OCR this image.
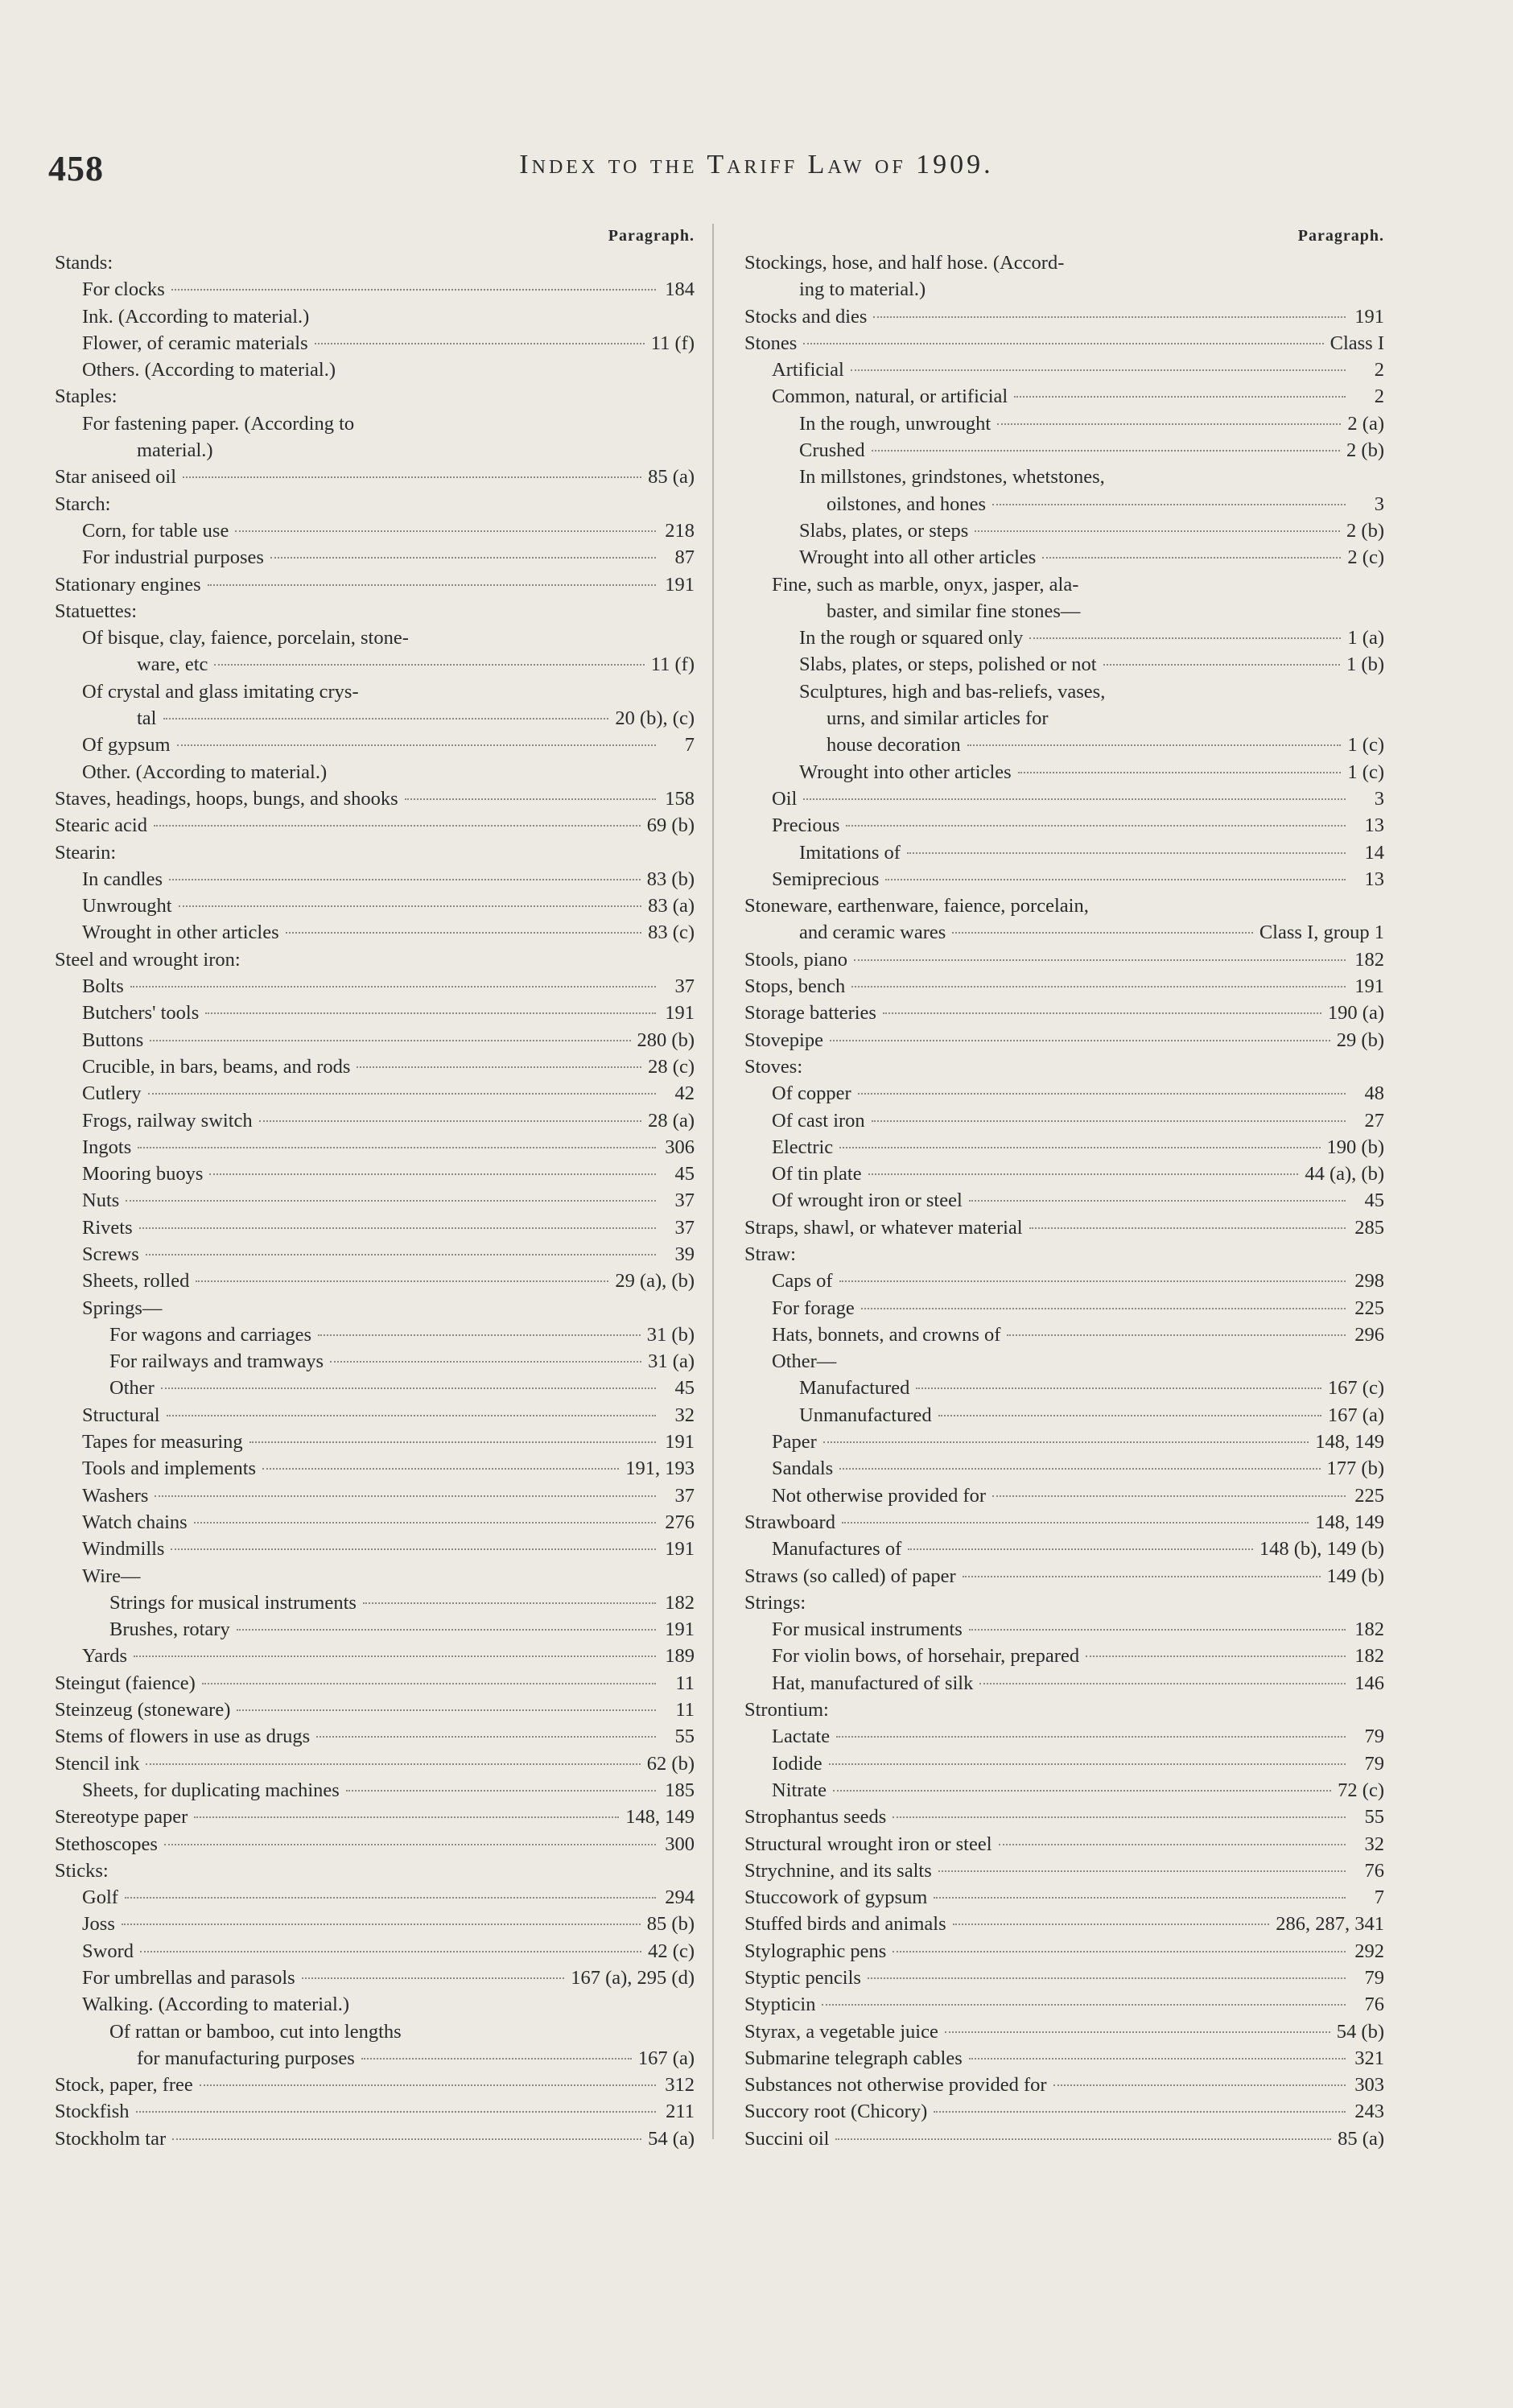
458	Index to the Tariff Law of 1909.
Paragraph.
Stands:
For clocks	184
Ink. (According to material.)
Flower, of ceramic materials	11 (f)
Others. (According to material.)
Staples:
For fastening paper. (According to
material.)
Star aniseed oil	85 (a)
Starch:
Corn, for table use	218
For industrial purposes	87
Stationary engines	191
Statuettes:
Of bisque, clay, faience, porcelain, stone-
ware, etc	11 (f)
Of crystal and glass imitating crys-
tal	20 (b), (c)
Of gypsum	7
Other. (According to material.)
Staves, headings, hoops, bungs, and shooks	158
Stearic acid	69 (b)
Stearin:
In candles	83 (b)
Unwrought	83 (a)
Wrought in other articles	83 (c)
Steel and wrought iron:
Bolts	37
Butchers' tools	191
Buttons	280 (b)
Crucible, in bars, beams, and rods	28 (c)
Cutlery	42
Frogs, railway switch	28 (a)
Ingots	306
Mooring buoys	45
Nuts	37
Rivets	37
Screws	39
Sheets, rolled	29 (a), (b)
Springs—
For wagons and carriages	31 (b)
For railways and tramways	31 (a)
Other	45
Structural	32
Tapes for measuring	191
Tools and implements	191, 193
Washers	37
Watch chains	276
Windmills	191
Wire—
Strings for musical instruments	182
Brushes, rotary	191
Yards	189
Steingut (faience)	11
Steinzeug (stoneware)	11
Stems of flowers in use as drugs	55
Stencil ink	62 (b)
Sheets, for duplicating machines	185
Stereotype paper	148, 149
Stethoscopes	300
Sticks:
Golf	294
Joss	85 (b)
Sword	42 (c)
For umbrellas and parasols	167 (a), 295 (d)
Walking. (According to material.)
Of rattan or bamboo, cut into lengths
for manufacturing purposes	167 (a)
Stock, paper, free	312
Stockfish	211
Stockholm tar	54 (a)
Paragraph.
Stockings, hose, and half hose. (Accord-
ing to material.)
Stocks and dies	191
Stones	Class I
Artificial	2
Common, natural, or artificial	2
In the rough, unwrought	2 (a)
Crushed	2 (b)
In millstones, grindstones, whetstones,
oilstones, and hones	3
Slabs, plates, or steps	2 (b)
Wrought into all other articles	2 (c)
Fine, such as marble, onyx, jasper, ala-
baster, and similar fine stones—
In the rough or squared only	1 (a)
Slabs, plates, or steps, polished or not	1 (b)
Sculptures, high and bas-reliefs, vases,
urns, and similar articles for
house decoration	1 (c)
Wrought into other articles	1 (c)
Oil	3
Precious	13
Imitations of	14
Semiprecious	13
Stoneware, earthenware, faience, porcelain,
and ceramic wares	Class I, group 1
Stools, piano	182
Stops, bench	191
Storage batteries	190 (a)
Stovepipe	29 (b)
Stoves:
Of copper	48
Of cast iron	27
Electric	190 (b)
Of tin plate	44 (a), (b)
Of wrought iron or steel	45
Straps, shawl, or whatever material	285
Straw:
Caps of	298
For forage	225
Hats, bonnets, and crowns of	296
Other—
Manufactured	167 (c)
Unmanufactured	167 (a)
Paper	148, 149
Sandals	177 (b)
Not otherwise provided for	225
Strawboard	148, 149
Manufactures of	148 (b), 149 (b)
Straws (so called) of paper	149 (b)
Strings:
For musical instruments	182
For violin bows, of horsehair, prepared	182
Hat, manufactured of silk	146
Strontium:
Lactate	79
Iodide	79
Nitrate	72 (c)
Strophantus seeds	55
Structural wrought iron or steel	32
Strychnine, and its salts	76
Stuccowork of gypsum	7
Stuffed birds and animals	286, 287, 341
Stylographic pens	292
Styptic pencils	79
Stypticin	76
Styrax, a vegetable juice	54 (b)
Submarine telegraph cables	321
Substances not otherwise provided for	303
Succory root (Chicory)	243
Succini oil	85 (a)
